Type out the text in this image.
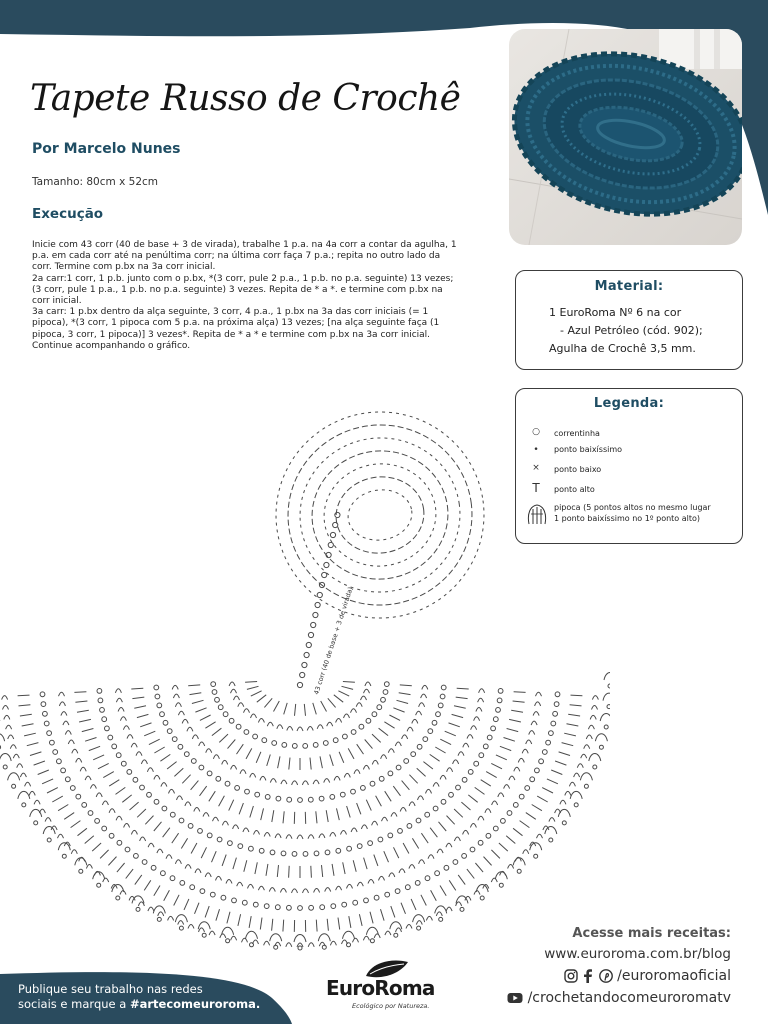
Tapete Russo de Crochê
Por Marcelo Nunes
Tamanho: 80cm x 52cm
Execução

Inicie com 43 corr (40 de base + 3 de virada), trabalhe 1 p.a. na 4a corr a contar da agulha, 1 p.a. em cada corr até na penúltima corr; na última corr faça 7 p.a.; repita no outro lado da corr. Termine com p.bx na 3a corr inicial.

2a carr:1 corr, 1 p.b. junto com o p.bx, *(3 corr, pule 2 p.a., 1 p.b. no p.a. seguinte) 13 vezes; (3 corr, pule 1 p.a., 1 p.b. no p.a. seguinte) 3 vezes. Repita de * a *. e termine com p.bx na corr inicial.

3a carr: 1 p.bx dentro da alça seguinte, 3 corr, 4 p.a., 1 p.bx na 3a das corr iniciais (= 1 pipoca), *(3 corr, 1 pipoca com 5 p.a. na próxima alça) 13 vezes; [na alça seguinte faça (1 pipoca, 3 corr, 1 pipoca)] 3 vezes*. Repita de * a * e termine com p.bx na 3a corr inicial.

Continue acompanhando o gráfico.

Material:
1 EuroRoma Nº 6 na cor
- Azul Petróleo (cód. 902);
Agulha de Crochê 3,5 mm.
Legenda:
○	correntinha
•	ponto baixíssimo
×	ponto baixo
T	ponto alto
pipoca (5 pontos altos no mesmo lugar
1 ponto baixíssimo no 1º ponto alto)
43 corr (40 de base + 3 de virada)
Publique seu trabalho nas redes
sociais e marque a #artecomeuroroma.
EuroRoma
Ecológico por Natureza.
Acesse mais receitas:
www.euroroma.com.br/blog
/euroromaoficial
/crochetandocomeuroromatv
